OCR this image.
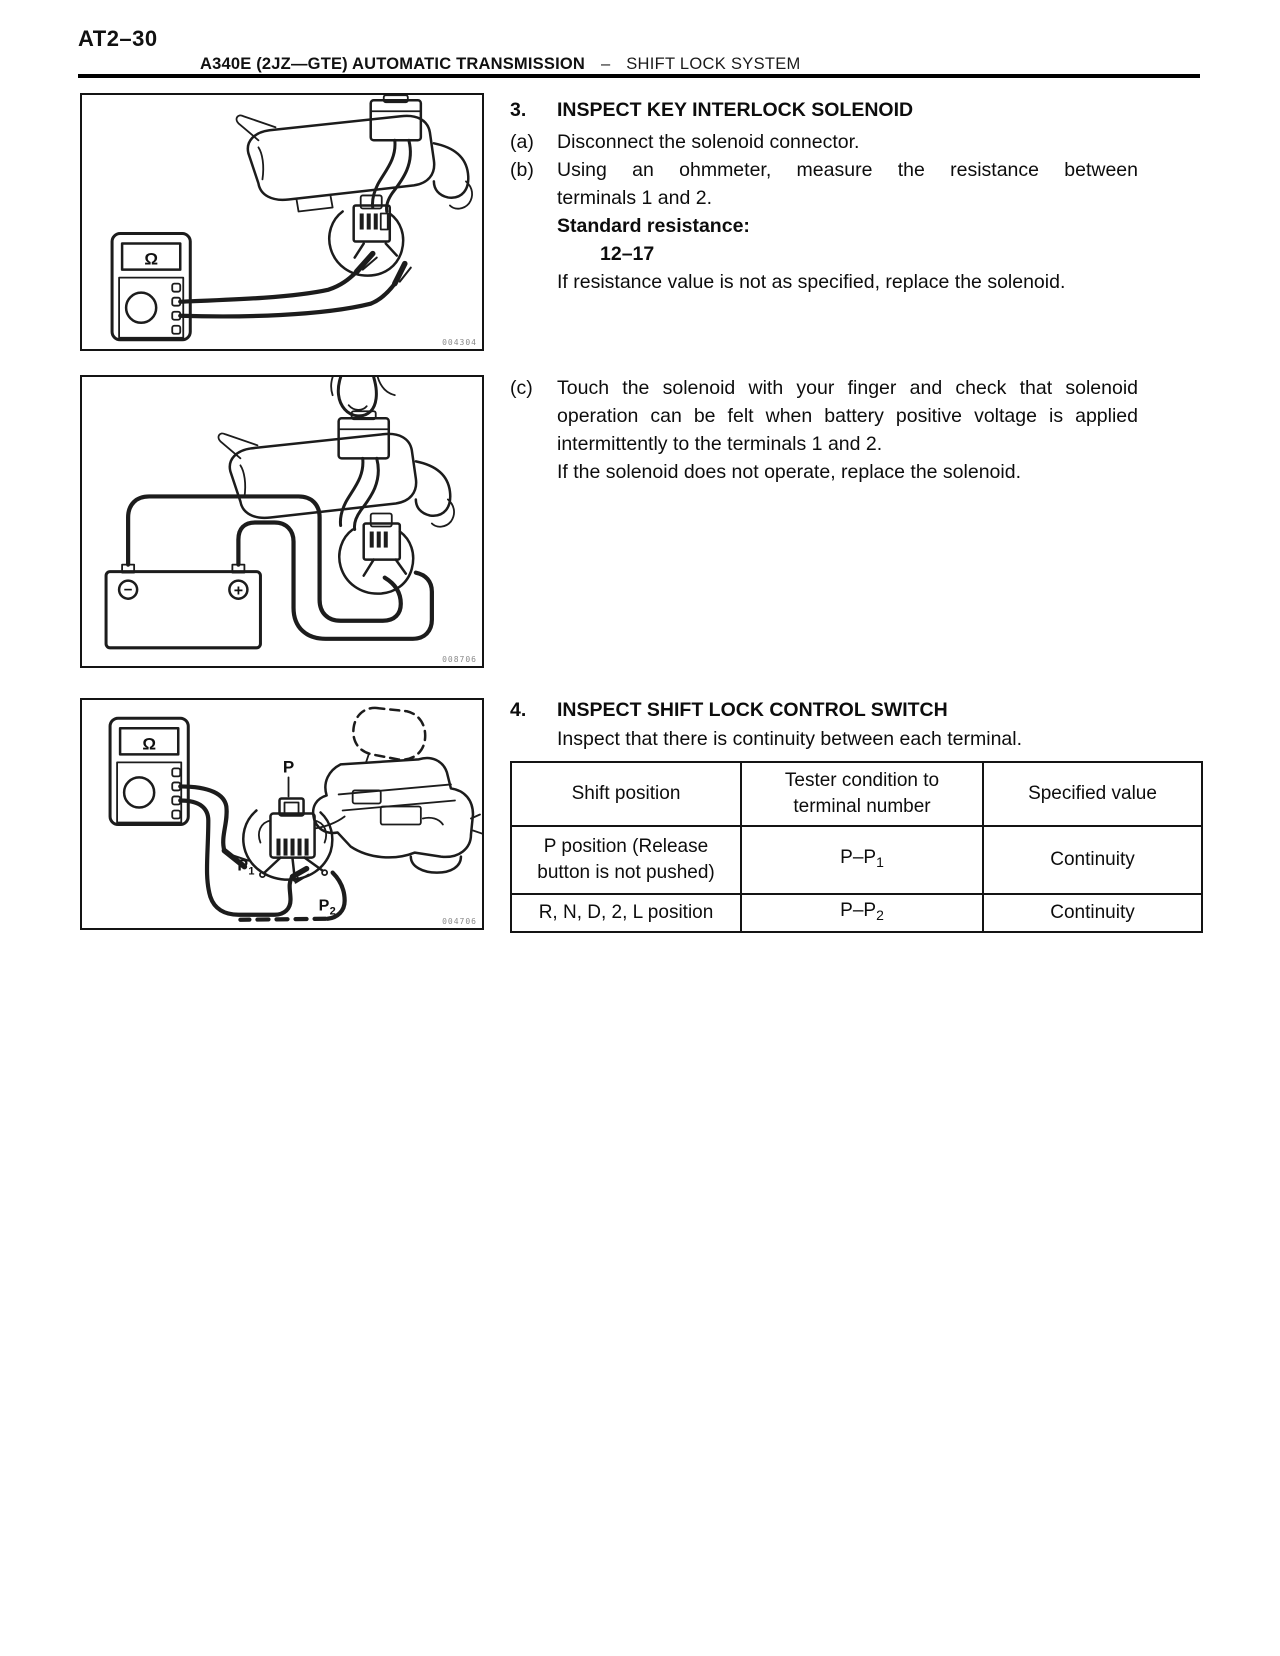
AT2–30
A340E (2JZ—GTE) AUTOMATIC TRANSMISSION – SHIFT LOCK SYSTEM
Ω
004304
−	+
008706
P
P 1
P 2
Ω
004706
3. INSPECT KEY INTERLOCK SOLENOID
(a) Disconnect the solenoid connector.
(b) Using an ohmmeter, measure the resistance between
terminals 1 and 2.
Standard resistance:
12–17
If resistance value is not as specified, replace the solenoid.
(c) Touch the solenoid with your finger and check that solenoid
operation can be felt when battery positive voltage is applied
intermittently to the terminals 1 and 2.
If the solenoid does not operate, replace the solenoid.
4. INSPECT SHIFT LOCK CONTROL SWITCH
Inspect that there is continuity between each terminal.
Shift position	Tester condition to terminal number	Specified value
P position (Release button is not pushed)	$P-P_1$	Continuity
R, N, D, 2, L position	$P-P_2$	Continuity
